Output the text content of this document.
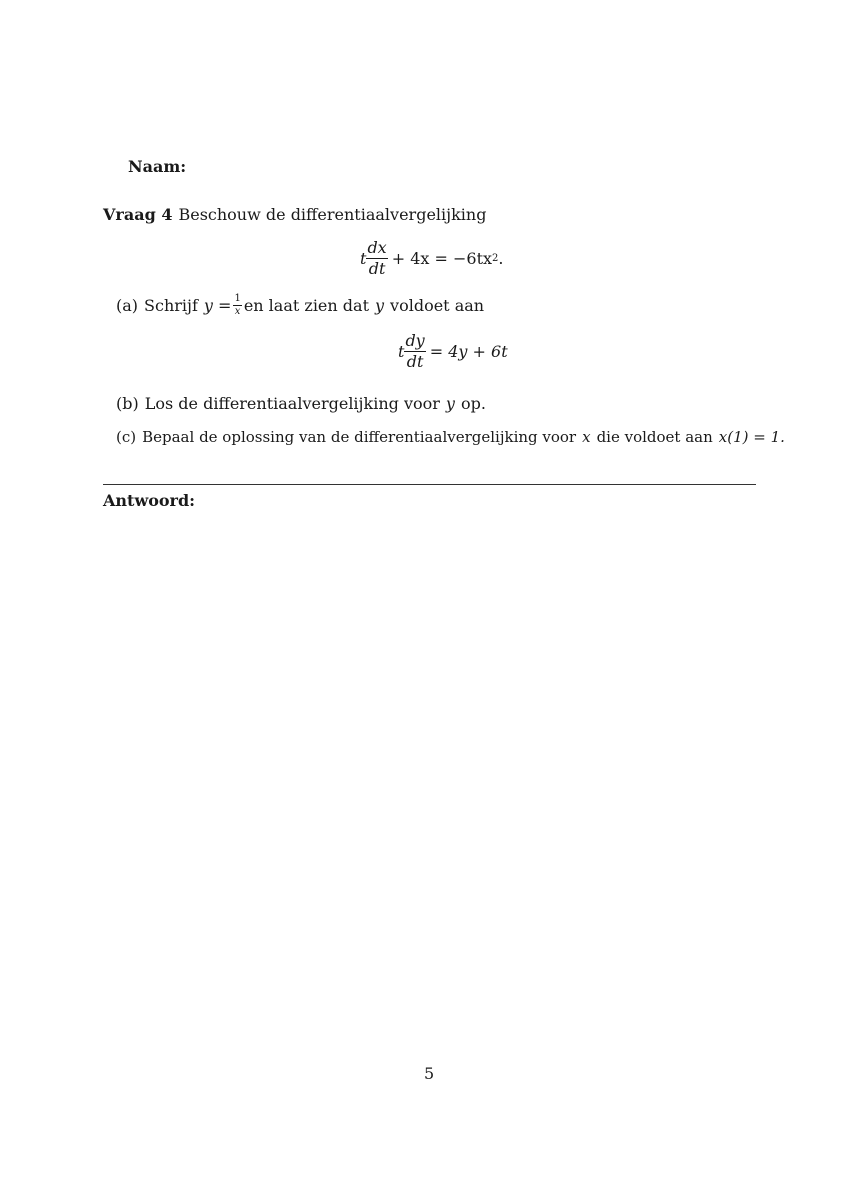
Naam:
Vraag 4 Beschouw de differentiaalvergelijking
t $\frac{dx}{dt} + 4x = -6tx$ 2 .
(a) Schrijf $y = \frac{1}{x}$ en laat zien dat y voldoet aan
t $\frac{dy}{dt} = 4y + 6t$
(b) Los de differentiaalvergelijking voor y op.
(c) Bepaal de oplossing van de differentiaalvergelijking voor x die voldoet aan x(1) = 1.
Antwoord:
5
